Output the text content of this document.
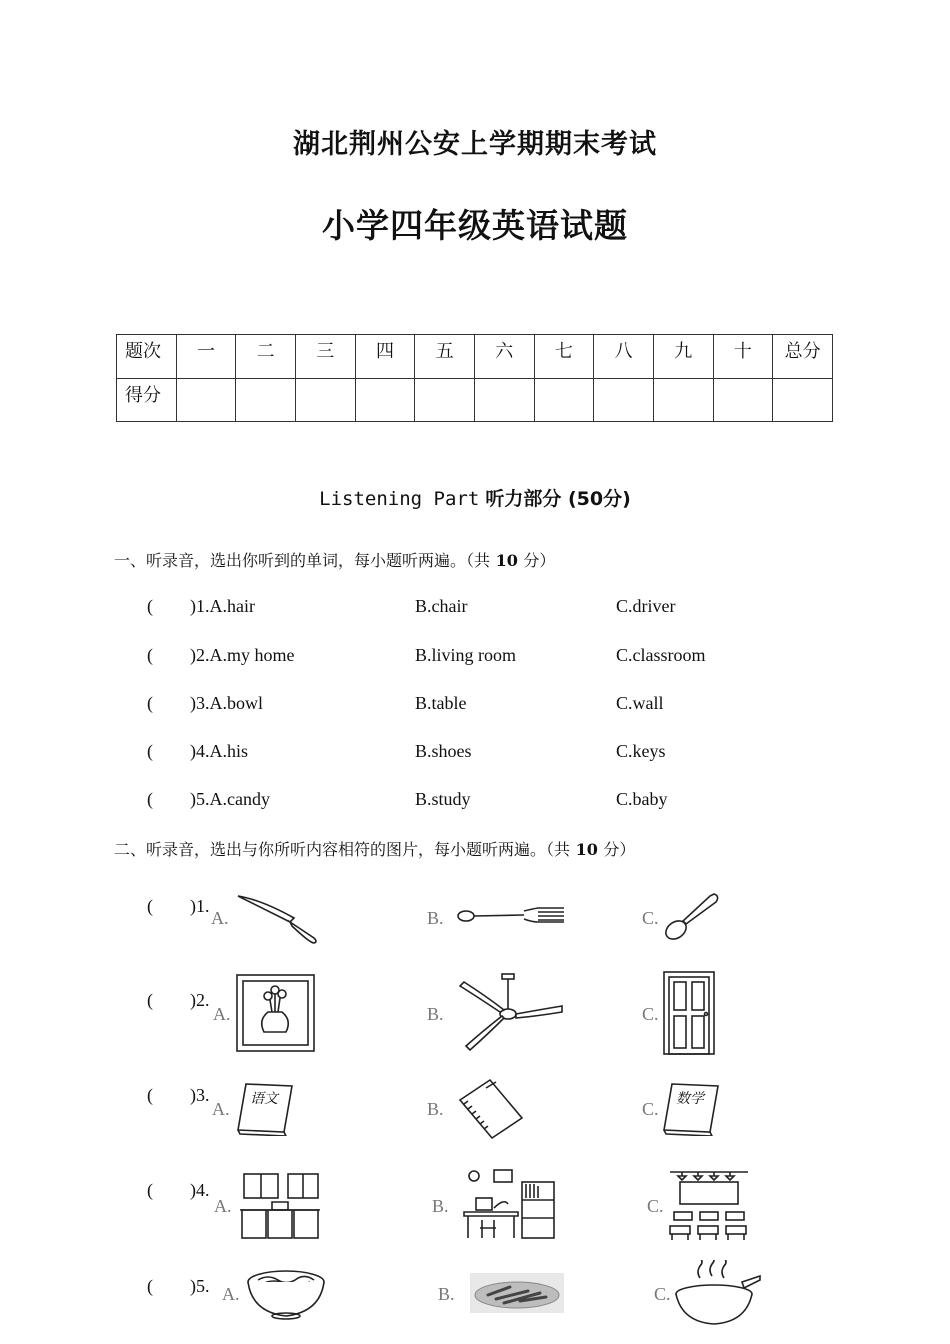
湖北荆州公安上学期期末考试
小学四年级英语试题
题次	一	二	三	四	五	六	七	八	九	十	总分
得分											
Listening Part 听力部分 (50分)
一、听录音，选出你听到的单词，每小题听两遍。（共 10 分）
( )1.A.hair	B.chair	C.driver
( )2.A.my home	B.living room	C.classroom
( )3.A.bowl	B.table	C.wall
( )4.A.his	B.shoes	C.keys
( )5.A.candy	B.study	C.baby
二、听录音，选出与你所听内容相符的图片，每小题听两遍。（共 10 分）
( )1.
A.	B.	C.
( )2.
A.	B.	C.
( )3.
A. 语文	B.	C. 数学
( )4.
A.	B.	C.
( )5. A.	B.	C.
